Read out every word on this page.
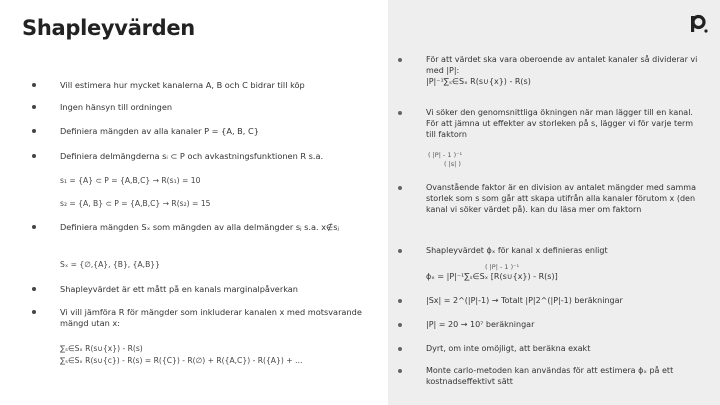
Shapleyvärden
Vill estimera hur mycket kanalerna A, B och C bidrar till köp
Ingen hänsyn till ordningen
Definiera mängden av alla kanaler P = {A, B, C}
Definiera delmängderna sᵢ ⊂ P och avkastningsfunktionen R s.a.
s₁ = {A} ⊂ P = {A,B,C} → R(s₁) = 10
s₂ = {A, B} ⊂ P = {A,B,C} → R(s₂) = 15
Definiera mängden Sₓ som mängden av alla delmängder sⱼ s.a. x∉sⱼ
Sₓ = {∅,{A}, {B}, {A,B}}
Shapleyvärdet är ett mått på en kanals marginalpåverkan
Vi vill jämföra R för mängder som inkluderar kanalen x med motsvarande mängd utan x:
∑ₛ∈Sₓ R(s∪{x}) - R(s)
∑ₛ∈Sₓ R(s∪{c}) - R(s) = R({C}) - R(∅) + R({A,C}) - R({A}) + …
För att värdet ska vara oberoende av antalet kanaler så dividerar vi med |P|:
|P|⁻¹∑ₛ∈Sₓ R(s∪{x}) - R(s)
Vi söker den genomsnittliga ökningen när man lägger till en kanal. För att jämna ut effekter av storleken på s, lägger vi för varje term till faktorn
( |P| - 1 )⁻¹
( |s| )
Ovanstående faktor är en division av antalet mängder med samma storlek som s som går att skapa utifrån alla kanaler förutom x (den kanal vi söker värdet på). kan du läsa mer om faktorn
Shapleyvärdet ϕₓ för kanal x definieras enligt
( |P| - 1 )⁻¹
ϕₓ = |P|⁻¹∑ₛ∈Sₓ [R(s∪{x}) - R(s)]
|Sx| = 2^(|P|-1) → Totalt |P|2^(|P|-1) beräkningar
|P| = 20 → 10⁷ beräkningar
Dyrt, om inte omöjligt, att beräkna exakt
Monte carlo-metoden kan användas för att estimera ϕₓ på ett kostnadseffektivt sätt
